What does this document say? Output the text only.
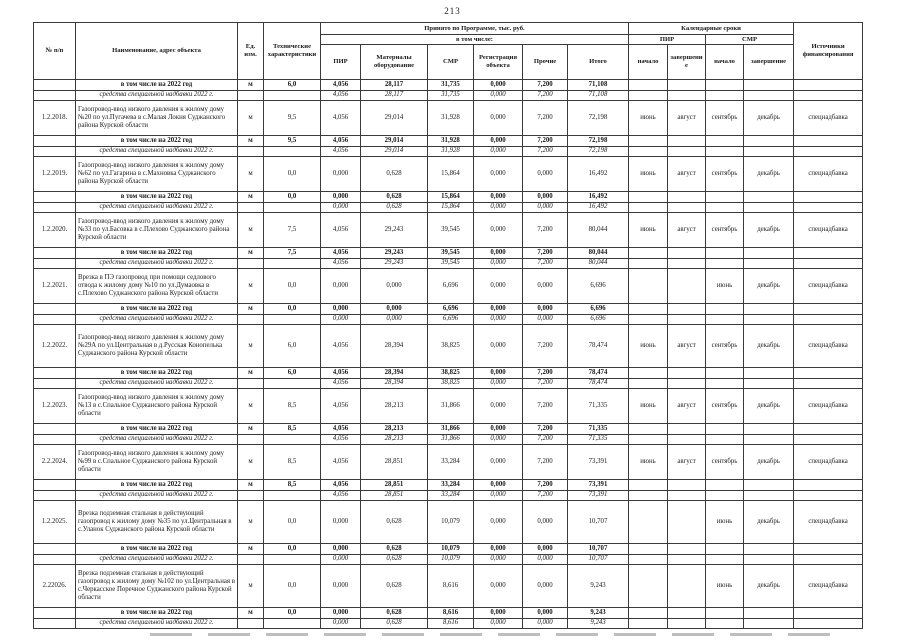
213
№ п/п	Наименование, адрес объекта	Ед. изм.	Технические характеристики	Принято по Программе, тыс. руб.						Календарные сроки				Источники финансирования
				в том числе:						ПИР		СМР		
				ПИР	Материалы оборудование	СМР	Регистрация объекта	Прочие	Итого	начало	завершение	начало	завершение	
	в том числе на 2022 год	м	6,0	4,056	28,117	31,735	0,000	7,200	71,108					
	средства специальной надбавки 2022 г.			4,056	28,117	31,735	0,000	7,200	71,108					
1.2.2018.	Газопровод-ввод низкого давления к жилому дому №20 по ул.Пугачева в с.Малая Локня Суджанского района Курской области	м	9,5	4,056	29,014	31,928	0,000	7,200	72,198	июнь	август	сентябрь	декабрь	спецнадбавка
	в том числе на 2022 год	м	9,5	4,056	29,014	31,928	0,000	7,200	72,198					
	средства специальной надбавки 2022 г.			4,056	29,014	31,928	0,000	7,200	72,198					
1.2.2019.	Газопровод-ввод низкого давления к жилому дому №62 по ул.Гагарина в с.Махновка Суджанского района Курской области	м	0,0	0,000	0,628	15,864	0,000	0,000	16,492	июнь	август	сентябрь	декабрь	спецнадбавка
	в том числе на 2022 год	м	0,0	0,000	0,628	15,864	0,000	0,000	16,492					
	средства специальной надбавки 2022 г.			0,000	0,628	15,864	0,000	0,000	16,492					
1.2.2020.	Газопровод-ввод низкого давления к жилому дому №33 по ул.Басовка в с.Плехово Суджанского района Курской области	м	7,5	4,056	29,243	39,545	0,000	7,200	80,044	июнь	август	сентябрь	декабрь	спецнадбавка
	в том числе на 2022 год	м	7,5	4,056	29,243	39,545	0,000	7,200	80,044					
	средства специальной надбавки 2022 г.			4,056	29,243	39,545	0,000	7,200	80,044					
1.2.2021.	Врезка в ПЭ газопровод при помощи седлового отвода к жилому дому №10 по ул.Думаовка в с.Плехово Суджанского района Курской области	м	0,0	0,000	0,000	6,696	0,000	0,000	6,696			июнь	декабрь	спецнадбавка
	в том числе на 2022 год	м	0,0	0,000	0,000	6,696	0,000	0,000	6,696					
	средства специальной надбавки 2022 г.			0,000	0,000	6,696	0,000	0,000	6,696					
1.2.2022.	Газопровод-ввод низкого давления к жилому дому №29А по ул.Центральная в д.Русская Конопелька Суджанского района Курской области	м	6,0	4,056	28,394	38,825	0,000	7,200	78,474	июнь	август	сентябрь	декабрь	спецнадбавка
	в том числе на 2022 год	м	6,0	4,056	28,394	38,825	0,000	7,200	78,474					
	средства специальной надбавки 2022 г.			4,056	28,394	38,825	0,000	7,200	78,474					
1.2.2023.	Газопровод-ввод низкого давления к жилому дому №13 в с.Спальное Суджанского района Курской области	м	8,5	4,056	28,213	31,866	0,000	7,200	71,335	июнь	август	сентябрь	декабрь	спецнадбавка
	в том числе на 2022 год	м	8,5	4,056	28,213	31,866	0,000	7,200	71,335					
	средства специальной надбавки 2022 г.			4,056	28,213	31,866	0,000	7,200	71,335					
2.2.2024.	Газопровод-ввод низкого давления к жилому дому №99 в с.Спальное Суджанского района Курской области	м	8,5	4,056	28,851	33,284	0,000	7,200	73,391	июнь	август	сентябрь	декабрь	спецнадбавка
	в том числе на 2022 год	м	8,5	4,056	28,851	33,284	0,000	7,200	73,391					
	средства специальной надбавки 2022 г.			4,056	28,851	33,284	0,000	7,200	73,391					
1.2.2025.	Врезка подземная стальная в действующий газопровод к жилому дому №35 по ул.Центральная в с.Уланок Суджанского района Курской области	м	0,0	0,000	0,628	10,079	0,000	0,000	10,707			июнь	декабрь	спецнадбавка
	в том числе на 2022 год	м	0,0	0,000	0,628	10,079	0,000	0,000	10,707					
	средства специальной надбавки 2022 г.			0,000	0,628	10,079	0,000	0,000	10,707					
2.22026.	Врезка подземная стальная в действующий газопровод к жилому дому №102 по ул.Центральная в с.Черкасское Поречное Суджанского района Курской области	м	0,0	0,000	0,628	8,616	0,000	0,000	9,243			июнь	декабрь	спецнадбавка
	в том числе на 2022 год	м	0,0	0,000	0,628	8,616	0,000	0,000	9,243					
	средства специальной надбавки 2022 г.			0,000	0,628	8,616	0,000	0,000	9,243					
